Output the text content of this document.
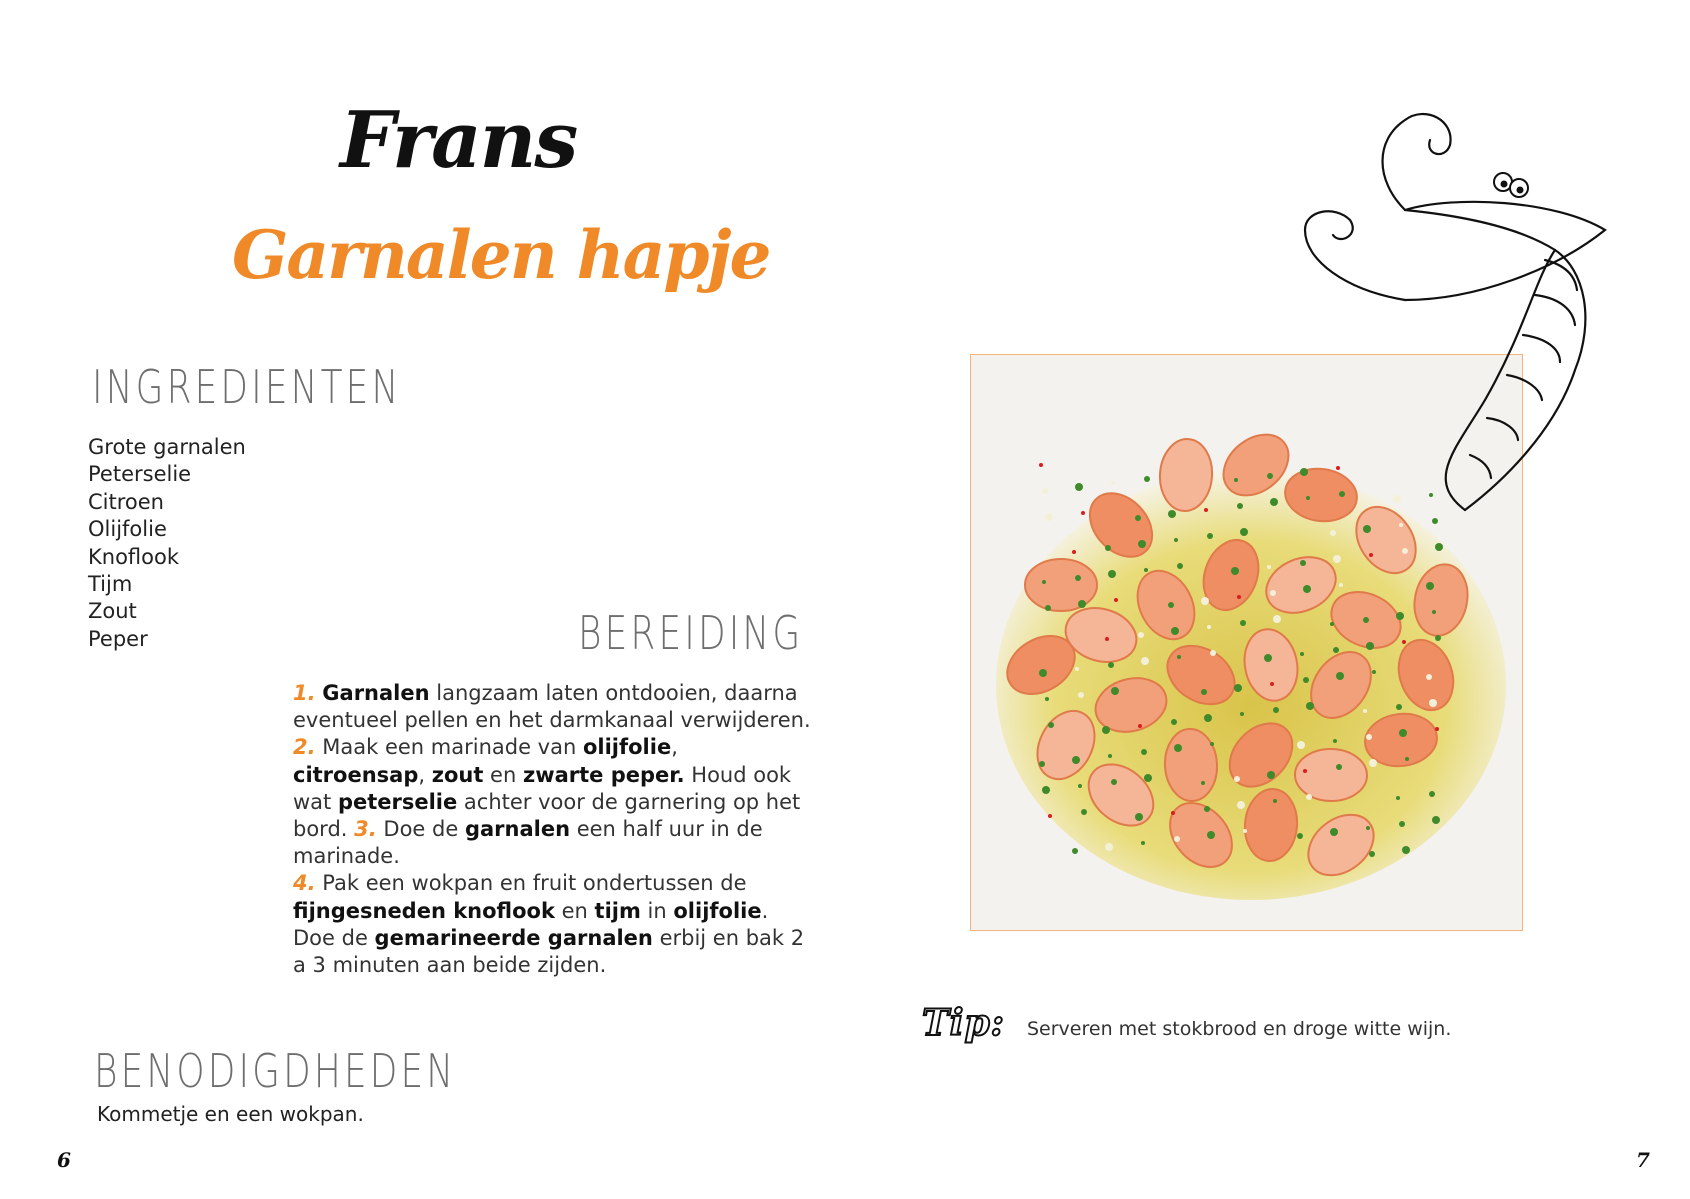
Frans
Garnalen hapje
INGREDIENTEN
Grote garnalen
Peterselie
Citroen
Olijfolie
Knoflook
Tijm
Zout
Peper	BEREIDING
1. Garnalen langzaam laten ontdooien, daarna eventueel pellen en het darmkanaal verwijderen.
2. Maak een marinade van olijfolie, citroensap, zout en zwarte peper. Houd ook wat peterselie achter voor de garnering op het bord. 3. Doe de garnalen een half uur in de marinade.
4. Pak een wokpan en fruit ondertussen de fijngesneden knoflook en tijm in olijfolie. Doe de gemarineerde garnalen erbij en bak 2 a 3 minuten aan beide zijden.
BENODIGDHEDEN
Kommetje en een wokpan.
Tip: Serveren met stokbrood en droge witte wijn.
6	7
